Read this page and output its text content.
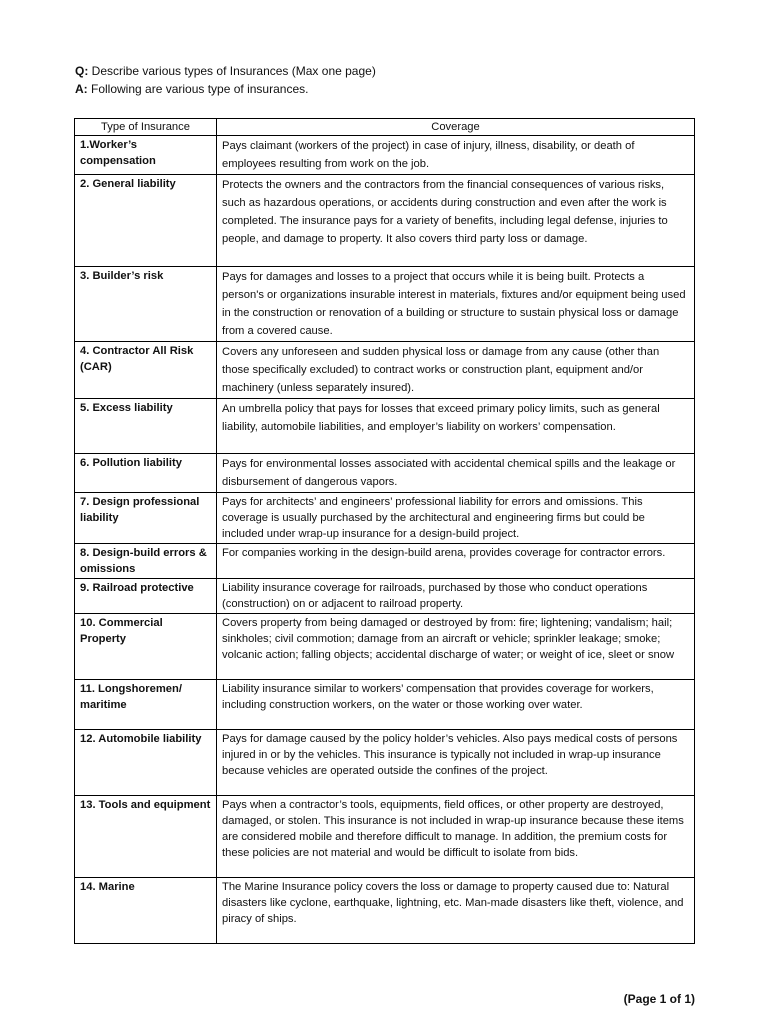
Q: Describe various types of Insurances (Max one page)

A: Following are various type of insurances.

Type of Insurance	Coverage
1.Worker’s compensation	Pays claimant (workers of the project) in case of injury, illness, disability, or death of employees resulting from work on the job.
2. General liability	Protects the owners and the contractors from the financial consequences of various risks, such as hazardous operations, or accidents during construction and even after the work is completed. The insurance pays for a variety of benefits, including legal defense, injuries to people, and damage to property. It also covers third party loss or damage.
3. Builder’s risk	Pays for damages and losses to a project that occurs while it is being built. Protects a person's or organizations insurable interest in materials, fixtures and/or equipment being used in the construction or renovation of a building or structure to sustain physical loss or damage from a covered cause.
4. Contractor All Risk (CAR)	Covers any unforeseen and sudden physical loss or damage from any cause (other than those specifically excluded) to contract works or construction plant, equipment and/or machinery (unless separately insured).
5. Excess liability	An umbrella policy that pays for losses that exceed primary policy limits, such as general liability, automobile liabilities, and employer’s liability on workers’ compensation.
6. Pollution liability	Pays for environmental losses associated with accidental chemical spills and the leakage or disbursement of dangerous vapors.
7. Design professional liability	Pays for architects’ and engineers’ professional liability for errors and omissions. This coverage is usually purchased by the architectural and engineering firms but could be included under wrap-up insurance for a design-build project.
8. Design-build errors & omissions	For companies working in the design-build arena, provides coverage for contractor errors.
9. Railroad protective	Liability insurance coverage for railroads, purchased by those who conduct operations (construction) on or adjacent to railroad property.
10. Commercial Property	Covers property from being damaged or destroyed by from: fire; lightening; vandalism; hail; sinkholes; civil commotion; damage from an aircraft or vehicle; sprinkler leakage; smoke; volcanic action; falling objects; accidental discharge of water; or weight of ice, sleet or snow
11. Longshoremen/ maritime	Liability insurance similar to workers’ compensation that provides coverage for workers, including construction workers, on the water or those working over water.
12. Automobile liability	Pays for damage caused by the policy holder’s vehicles. Also pays medical costs of persons injured in or by the vehicles. This insurance is typically not included in wrap-up insurance because vehicles are operated outside the confines of the project.
13. Tools and equipment	Pays when a contractor’s tools, equipments, field offices, or other property are destroyed, damaged, or stolen. This insurance is not included in wrap-up insurance because these items are considered mobile and therefore difficult to manage. In addition, the premium costs for these policies are not material and would be difficult to isolate from bids.
14. Marine	The Marine Insurance policy covers the loss or damage to property caused due to: Natural disasters like cyclone, earthquake, lightning, etc. Man-made disasters like theft, violence, and piracy of ships.
(Page 1 of 1)
